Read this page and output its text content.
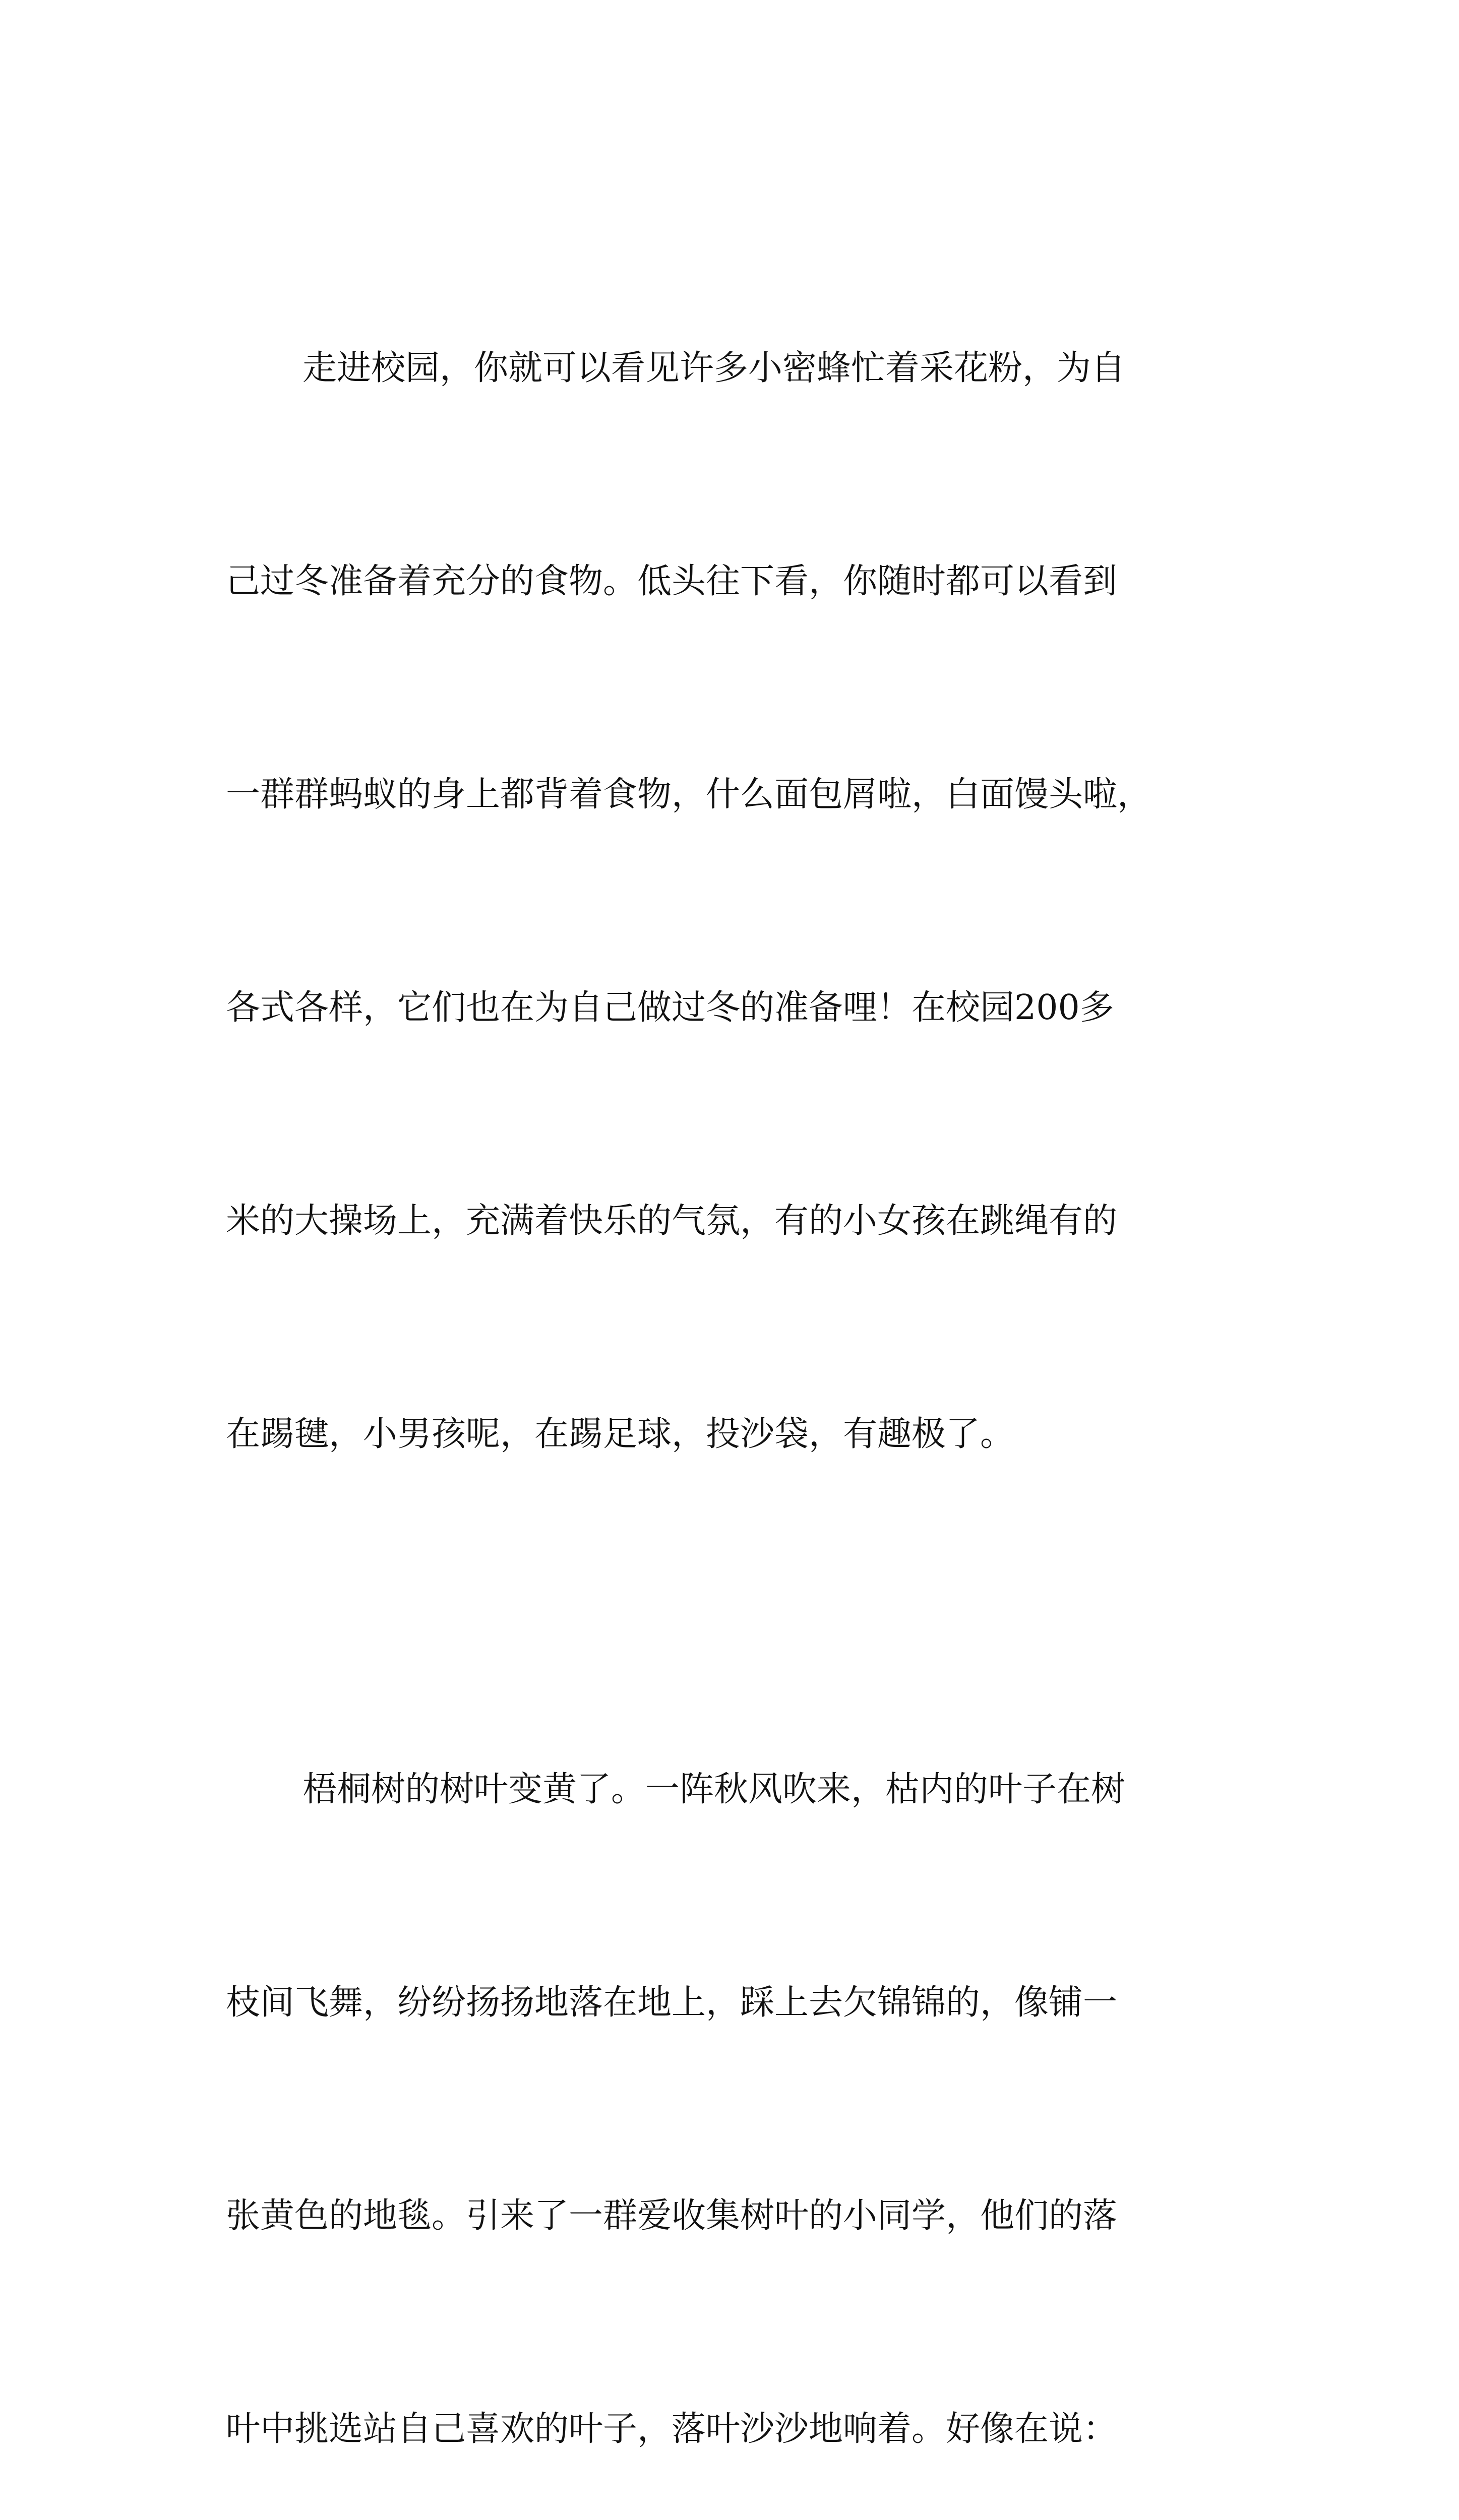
走进校园，你就可以看见许多小密蜂忙着采花粉，为自

己过冬准备着充分的食物。低头往下看，你随时都可以看到

一群群蚂蚁的身上都背着食物，什么面包屑啦，白面馒头啦，

各式各样，它们也在为自己做过冬的准备哩！在校园200多

米的大操场上，充满着快乐的气氛，有的小女孩在跳绳有的

在踢毽，小男孩呢，在踢足球，投沙袋，有趣极了。

梧桐树的树叶变黄了。一阵秋风吹来，枯内的叶子在树

枝间飞舞，纷纷扬扬地落在地上，踩上去欠锦锦的，像铺一

张黄色的地毯。引来了一群爱收集树叶的小同学，他们的落

叶中挑选站自己喜欢的叶子，落叶沙沙地响着。好像在说：
